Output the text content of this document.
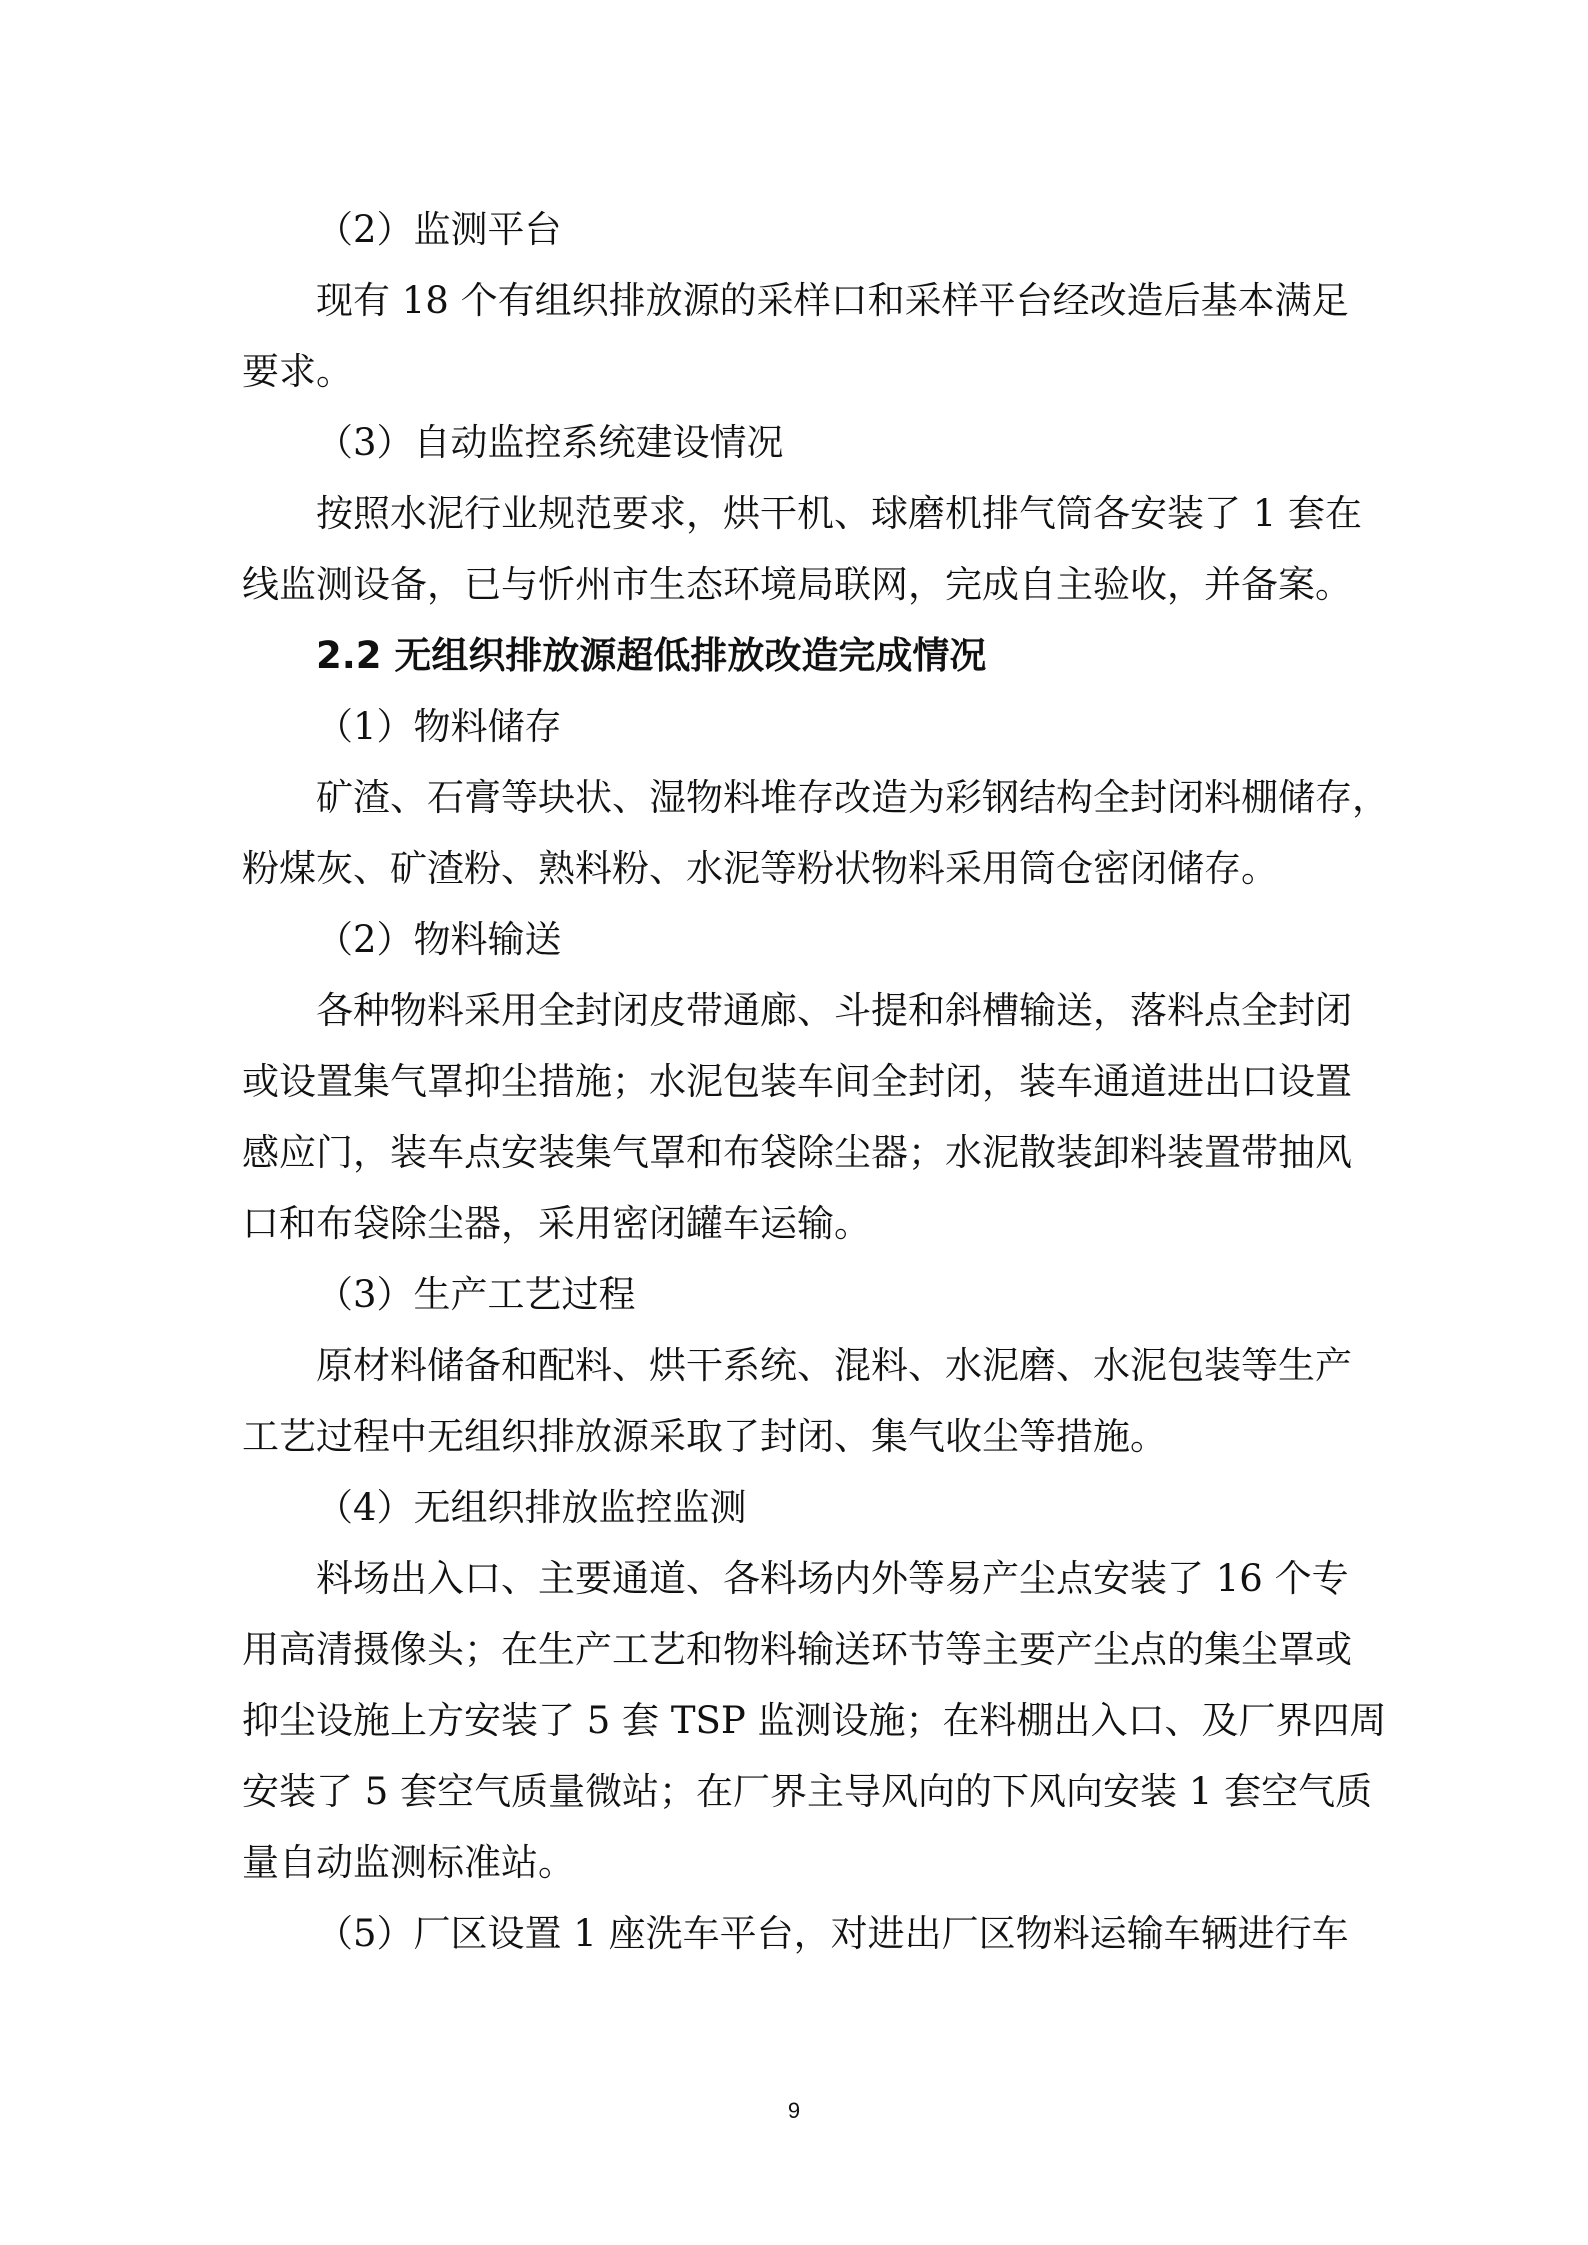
（2）监测平台
现有 18 个有组织排放源的采样口和采样平台经改造后基本满足
要求。
（3）自动监控系统建设情况
按照水泥行业规范要求，烘干机、球磨机排气筒各安装了 1 套在
线监测设备，已与忻州市生态环境局联网，完成自主验收，并备案。
2.2 无组织排放源超低排放改造完成情况
（1）物料储存
矿渣、石膏等块状、湿物料堆存改造为彩钢结构全封闭料棚储存，
粉煤灰、矿渣粉、熟料粉、水泥等粉状物料采用筒仓密闭储存。
（2）物料输送
各种物料采用全封闭皮带通廊、斗提和斜槽输送，落料点全封闭
或设置集气罩抑尘措施；水泥包装车间全封闭，装车通道进出口设置
感应门，装车点安装集气罩和布袋除尘器；水泥散装卸料装置带抽风
口和布袋除尘器，采用密闭罐车运输。
（3）生产工艺过程
原材料储备和配料、烘干系统、混料、水泥磨、水泥包装等生产
工艺过程中无组织排放源采取了封闭、集气收尘等措施。
（4）无组织排放监控监测
料场出入口、主要通道、各料场内外等易产尘点安装了 16 个专
用高清摄像头；在生产工艺和物料输送环节等主要产尘点的集尘罩或
抑尘设施上方安装了 5 套 TSP 监测设施；在料棚出入口、及厂界四周
安装了 5 套空气质量微站；在厂界主导风向的下风向安装 1 套空气质
量自动监测标准站。
（5）厂区设置 1 座洗车平台，对进出厂区物料运输车辆进行车
9
